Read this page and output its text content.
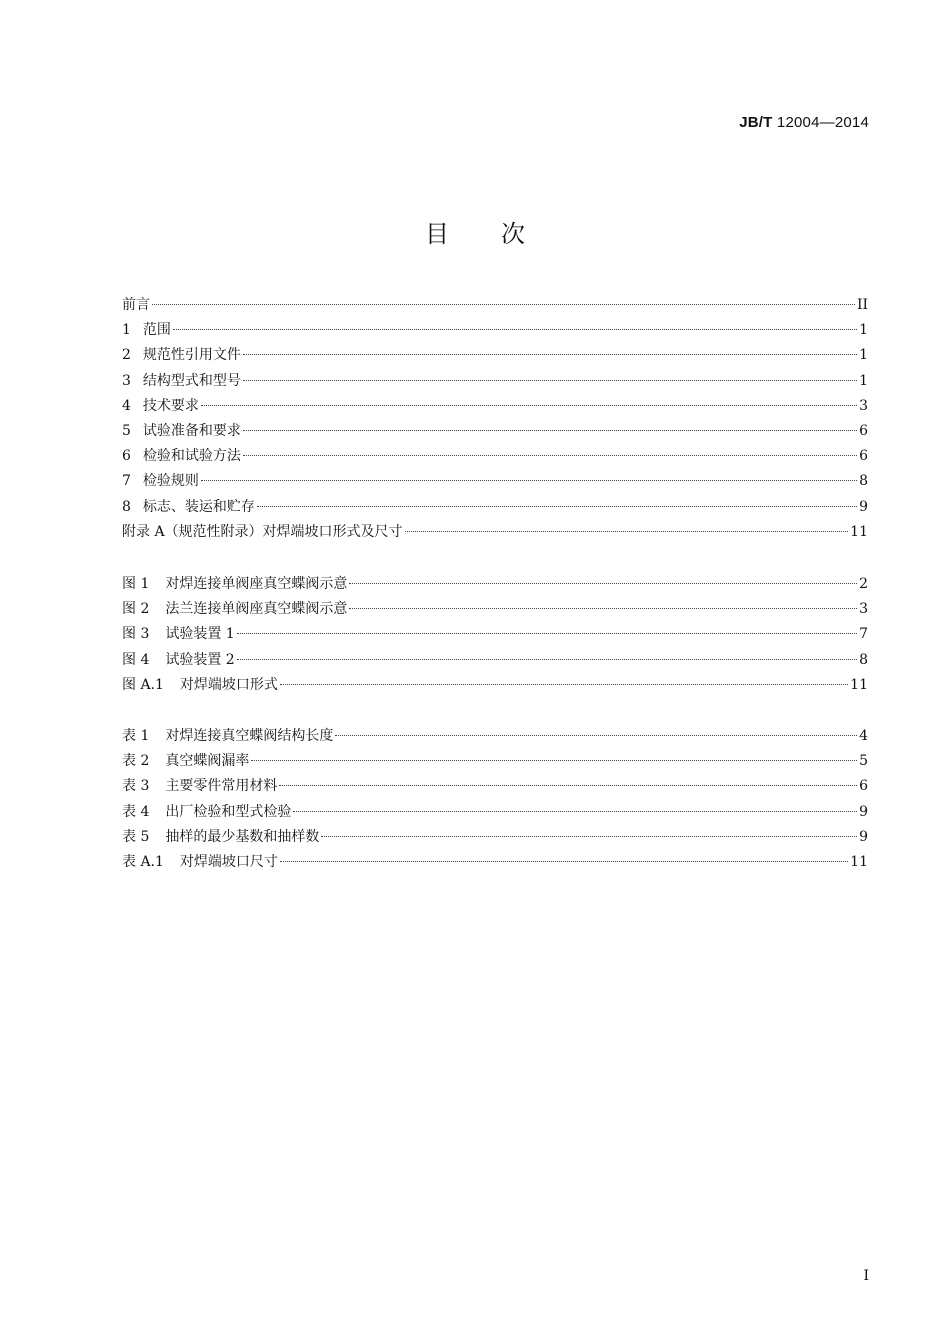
JB/T 12004—2014
目次
前言	II
1 范围	1
2 规范性引用文件	1
3 结构型式和型号	1
4 技术要求	3
5 试验准备和要求	6
6 检验和试验方法	6
7 检验规则	8
8 标志、装运和贮存	9
附录 A（规范性附录）对焊端坡口形式及尺寸	11
图 1 对焊连接单阀座真空蝶阀示意	2
图 2 法兰连接单阀座真空蝶阀示意	3
图 3 试验装置 1	7
图 4 试验装置 2	8
图 A.1 对焊端坡口形式	11
表 1 对焊连接真空蝶阀结构长度	4
表 2 真空蝶阀漏率	5
表 3 主要零件常用材料	6
表 4 出厂检验和型式检验	9
表 5 抽样的最少基数和抽样数	9
表 A.1 对焊端坡口尺寸	11
I
